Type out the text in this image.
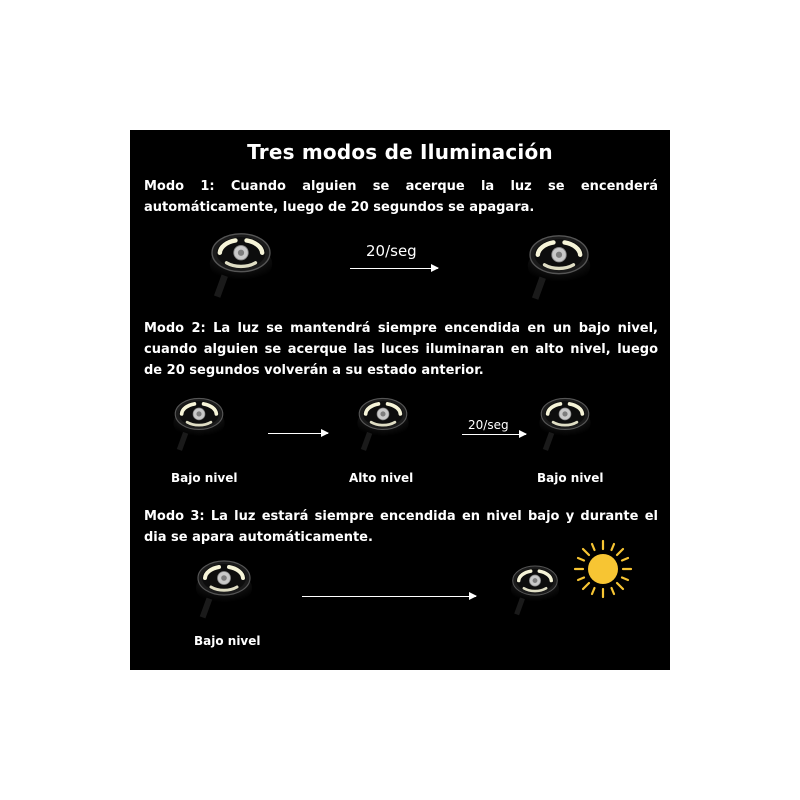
Tres modos de Iluminación

Modo 1: Cuando alguien se acerque la luz se encenderá automáticamente, luego de 20 segundos se apagara.

20/seg

Modo 2: La luz se mantendrá siempre encendida en un bajo nivel, cuando alguien se acerque las luces iluminaran en alto nivel, luego de 20 segundos volverán a su estado anterior.

20/seg
Bajo nivel	Alto nivel	Bajo nivel

Modo 3: La luz estará siempre encendida en nivel bajo y durante el dia se apara automáticamente.

Bajo nivel
